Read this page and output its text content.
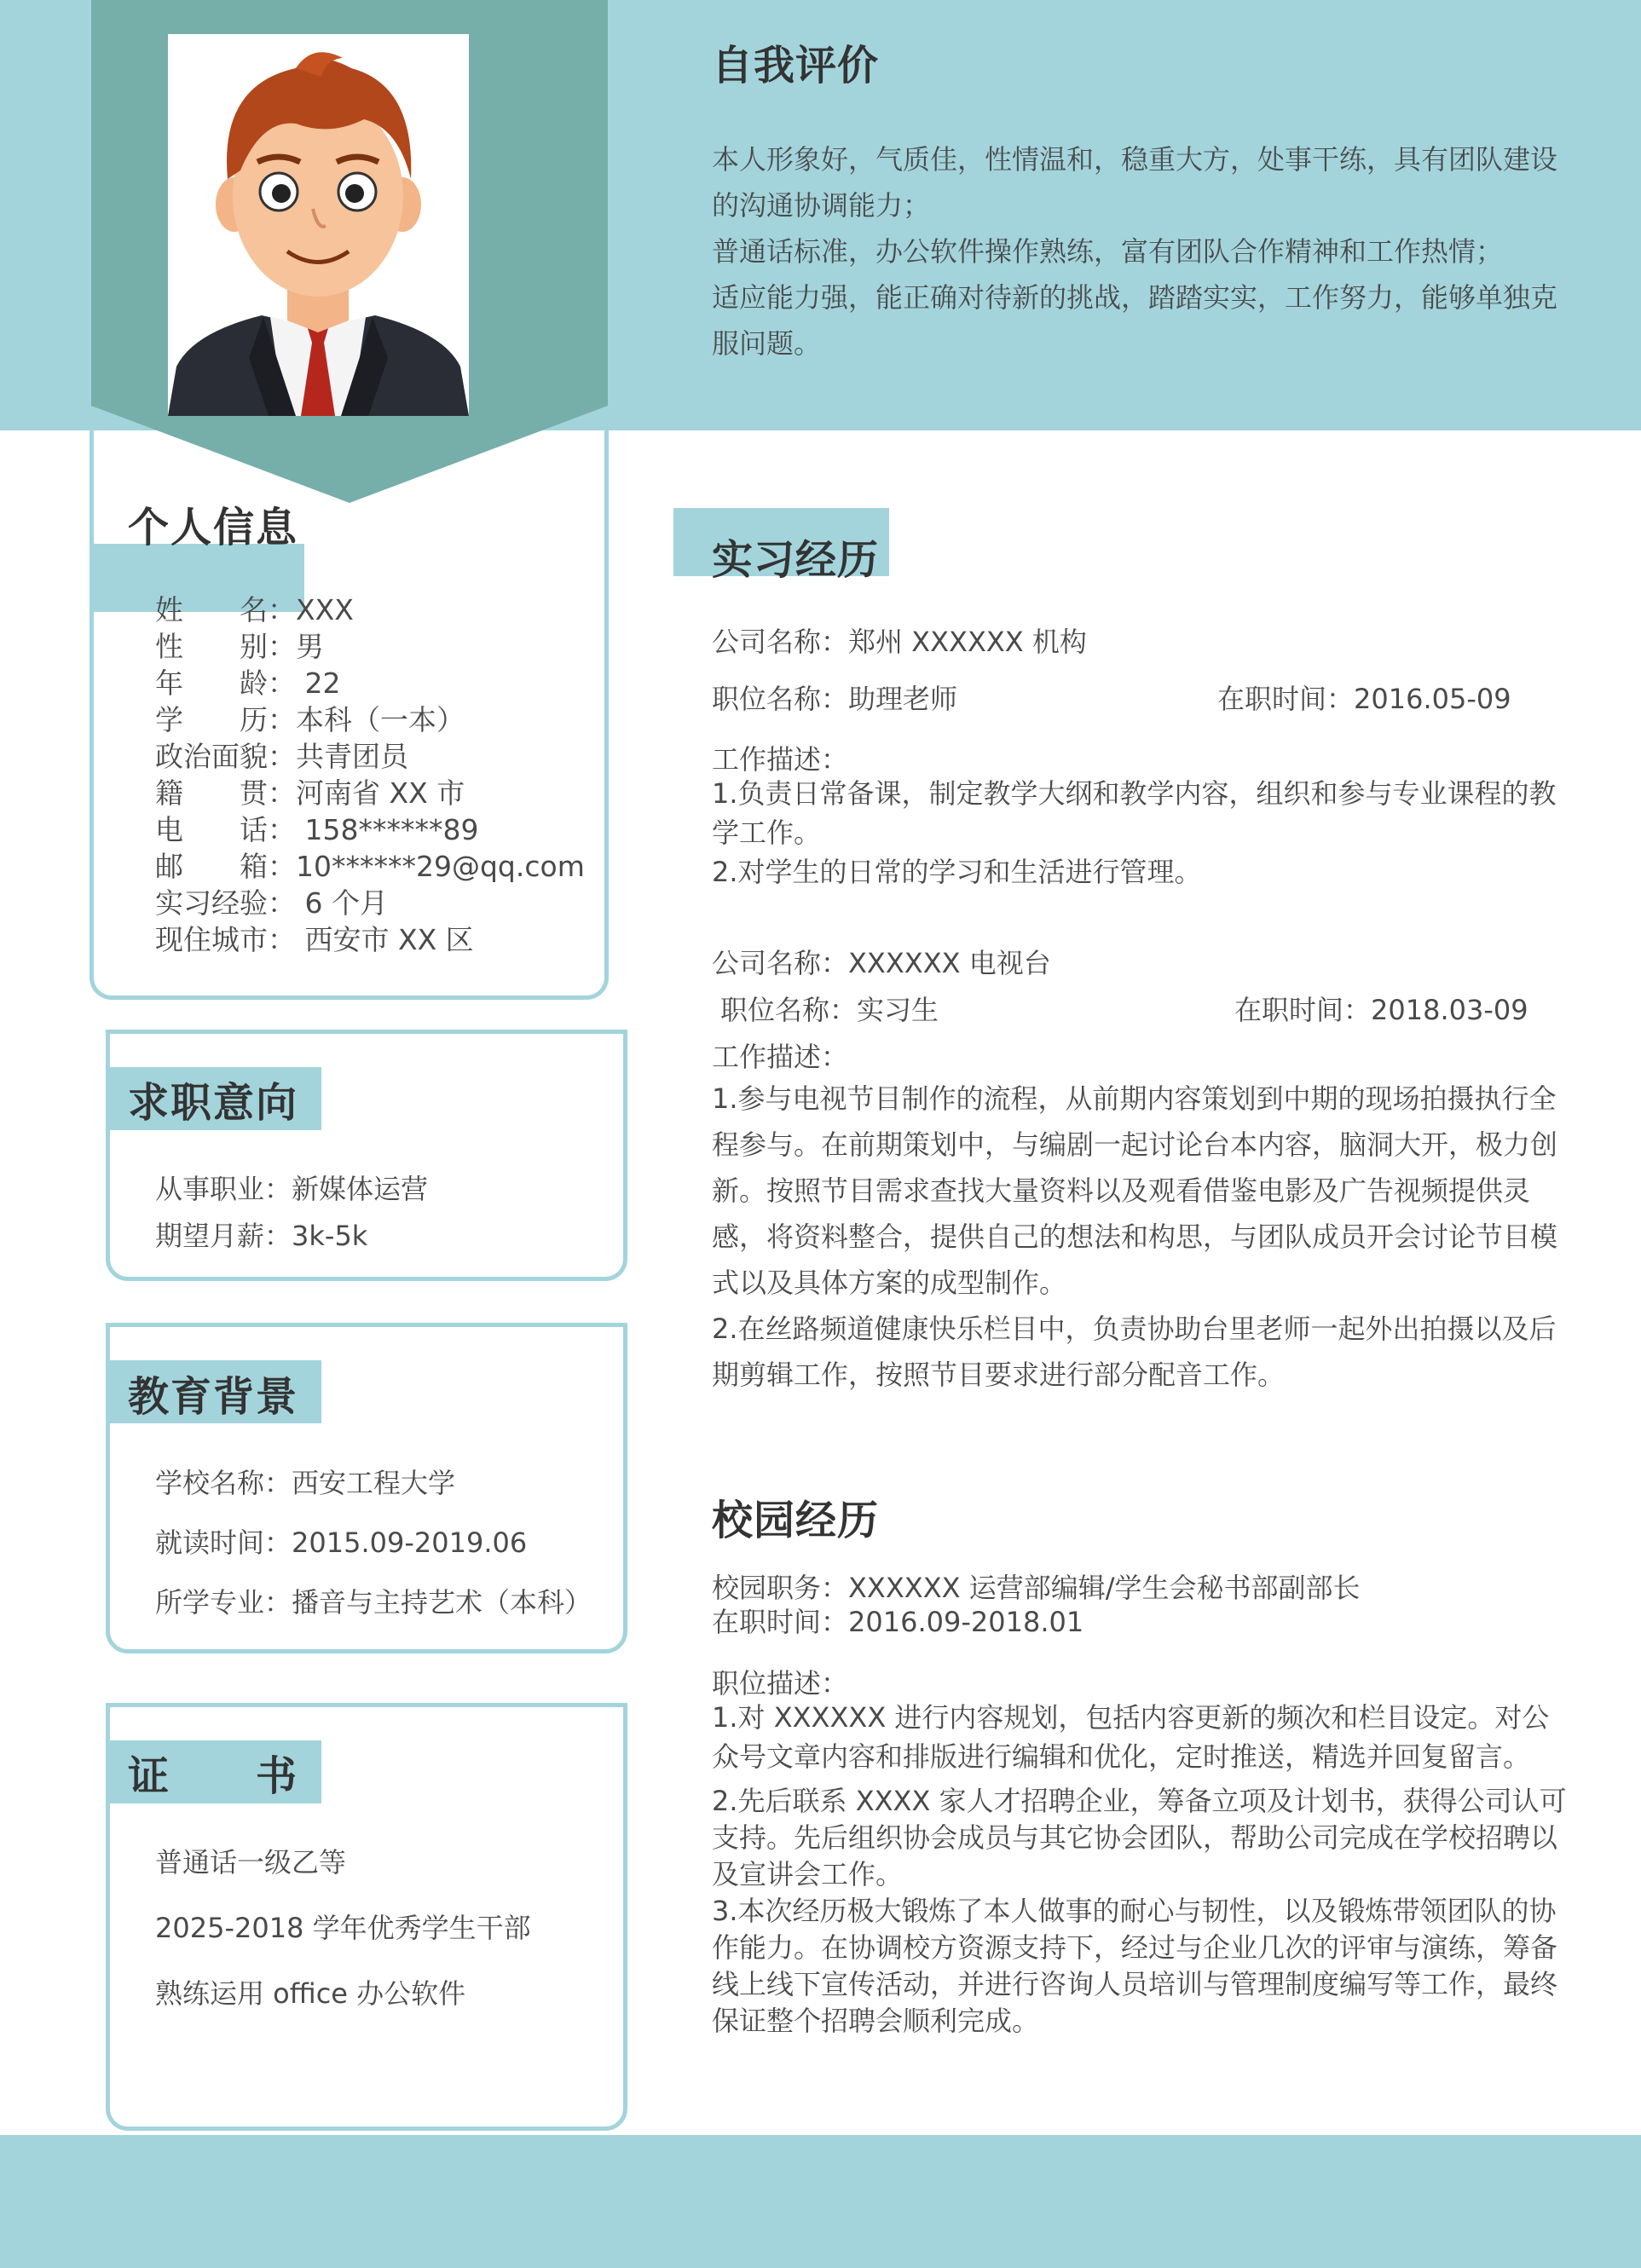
自我评价
本人形象好，气质佳，性情温和，稳重大方，处事干练，具有团队建设
的沟通协调能力；
普通话标准，办公软件操作熟练，富有团队合作精神和工作热情；
适应能力强，能正确对待新的挑战，踏踏实实，工作努力，能够单独克
服问题。
个人信息
姓　　名：XXX
性　　别：男
年　　龄： 22
学　　历：本科（一本）
政治面貌：共青团员
籍　　贯：河南省 XX 市
电　　话： 158******89
邮　　箱：10******29@qq.com
实习经验： 6 个月
现住城市： 西安市 XX 区
求职意向
从事职业：新媒体运营
期望月薪：3k-5k
教育背景
学校名称：西安工程大学
就读时间：2015.09-2019.06
所学专业：播音与主持艺术（本科）
证　　书
普通话一级乙等
2025-2018 学年优秀学生干部
熟练运用 office 办公软件
实习经历
公司名称：郑州 XXXXXX 机构
职位名称：助理老师	在职时间：2016.05-09
工作描述：
1.负责日常备课，制定教学大纲和教学内容，组织和参与专业课程的教
学工作。
2.对学生的日常的学习和生活进行管理。
公司名称：XXXXXX 电视台
职位名称：实习生	在职时间：2018.03-09
工作描述：
1.参与电视节目制作的流程，从前期内容策划到中期的现场拍摄执行全
程参与。在前期策划中，与编剧一起讨论台本内容，脑洞大开，极力创
新。按照节目需求查找大量资料以及观看借鉴电影及广告视频提供灵
感，将资料整合，提供自己的想法和构思，与团队成员开会讨论节目模
式以及具体方案的成型制作。
2.在丝路频道健康快乐栏目中，负责协助台里老师一起外出拍摄以及后
期剪辑工作，按照节目要求进行部分配音工作。
校园经历
校园职务：XXXXXX 运营部编辑/学生会秘书部副部长
在职时间：2016.09-2018.01
职位描述：
1.对 XXXXXX 进行内容规划，包括内容更新的频次和栏目设定。对公
众号文章内容和排版进行编辑和优化，定时推送，精选并回复留言。
2.先后联系 XXXX 家人才招聘企业，筹备立项及计划书，获得公司认可
支持。先后组织协会成员与其它协会团队，帮助公司完成在学校招聘以
及宣讲会工作。
3.本次经历极大锻炼了本人做事的耐心与韧性，以及锻炼带领团队的协
作能力。在协调校方资源支持下，经过与企业几次的评审与演练，筹备
线上线下宣传活动，并进行咨询人员培训与管理制度编写等工作，最终
保证整个招聘会顺利完成。
